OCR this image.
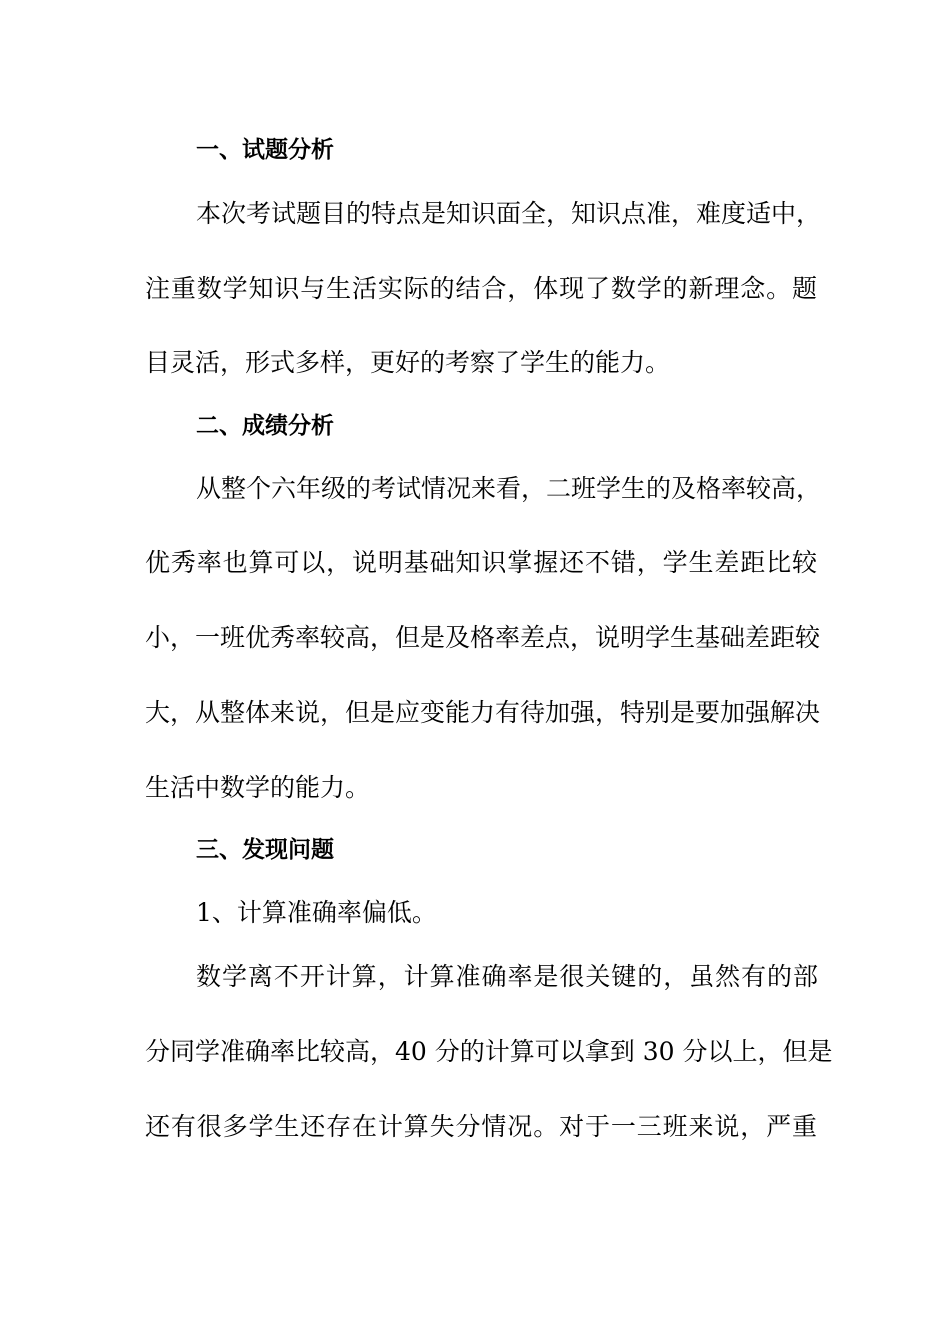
一、试题分析
本次考试题目的特点是知识面全，知识点准，难度适中，
注重数学知识与生活实际的结合，体现了数学的新理念。题
目灵活，形式多样，更好的考察了学生的能力。
二、成绩分析
从整个六年级的考试情况来看，二班学生的及格率较高，
优秀率也算可以，说明基础知识掌握还不错，学生差距比较
小，一班优秀率较高，但是及格率差点，说明学生基础差距较
大，从整体来说，但是应变能力有待加强，特别是要加强解决
生活中数学的能力。
三、发现问题
1、计算准确率偏低。
数学离不开计算，计算准确率是很关键的，虽然有的部
分同学准确率比较高，40 分的计算可以拿到 30 分以上，但是
还有很多学生还存在计算失分情况。对于一三班来说，严重
